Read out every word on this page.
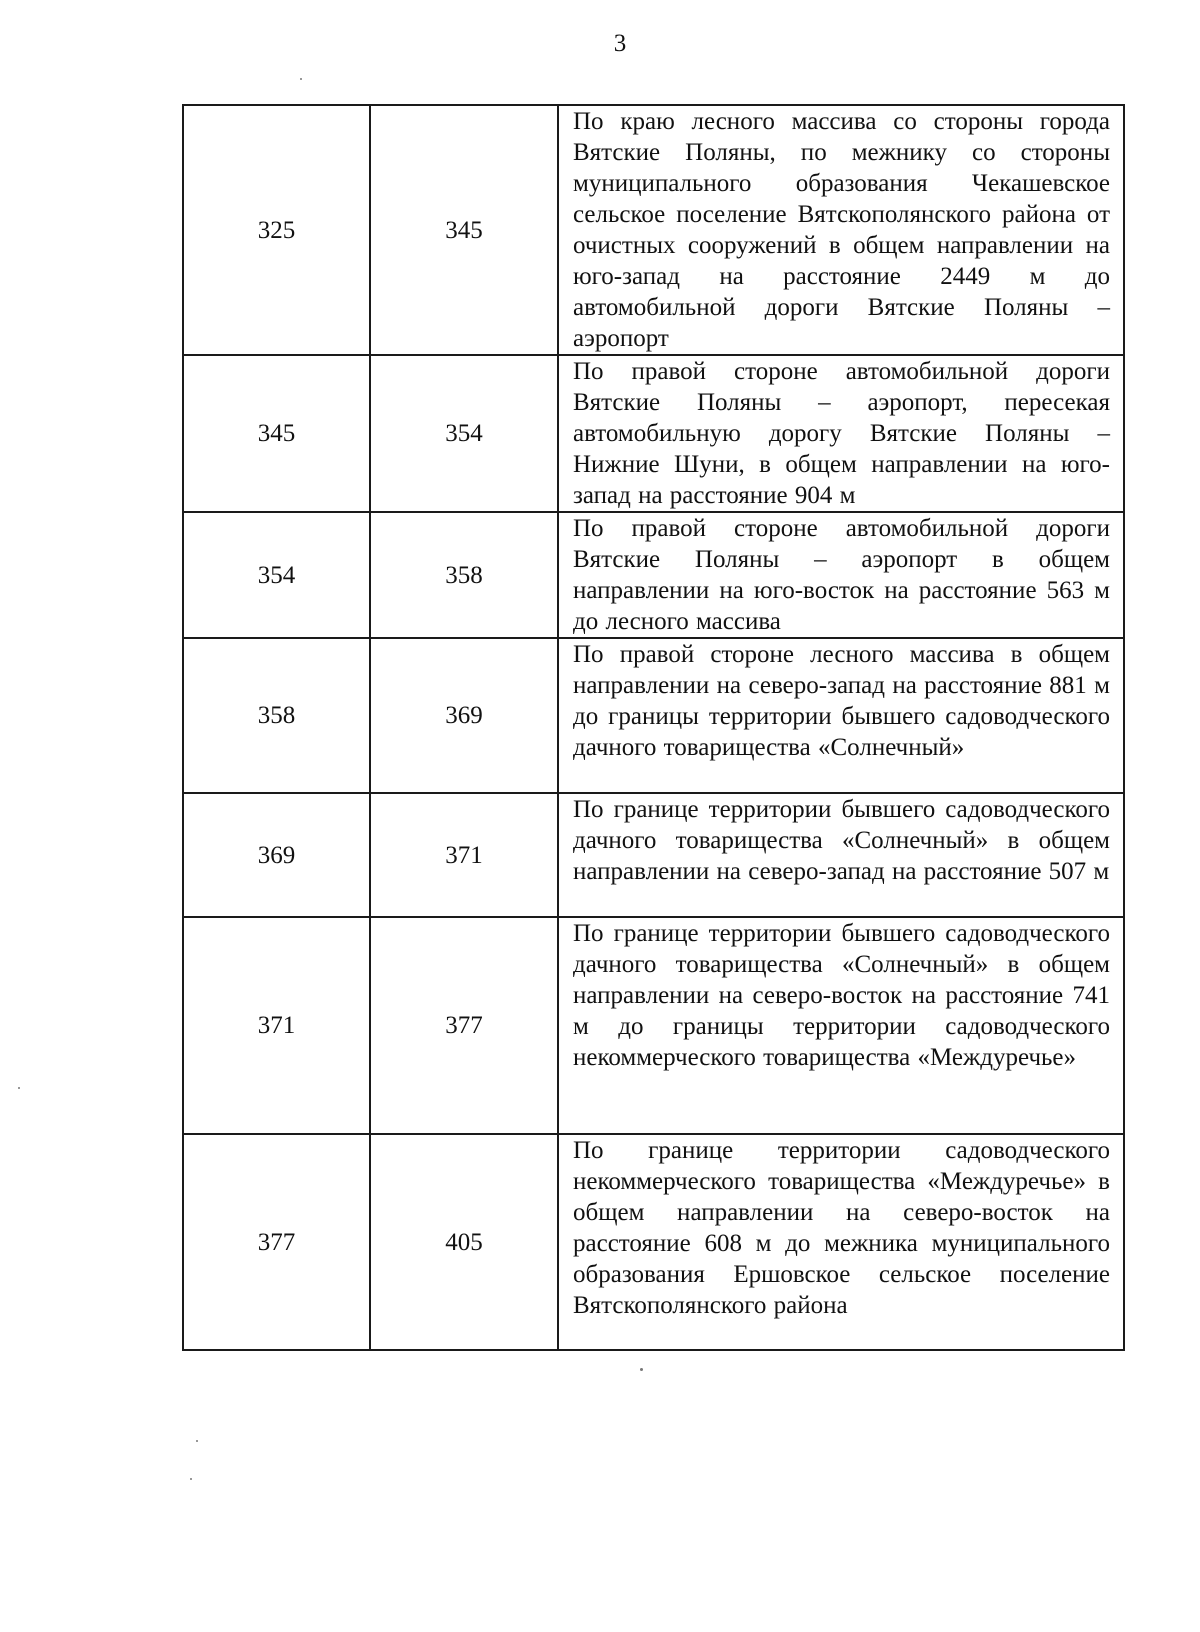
3
325	345	По краю лесного массива со стороны города Вятские Поляны, по межнику со стороны муниципального образования Чекашевское сельское поселение Вятскополянского района от очистных сооружений в общем направлении на юго-запад на расстояние 2449 м до автомобильной дороги Вятские Поляны – аэропорт
345	354	По правой стороне автомобильной дороги Вятские Поляны – аэропорт, пересекая автомобильную дорогу Вятские Поляны – Нижние Шуни, в общем направлении на юго-запад на расстояние 904 м
354	358	По правой стороне автомобильной дороги Вятские Поляны – аэропорт в общем направлении на юго-восток на расстояние 563 м до лесного массива
358	369	По правой стороне лесного массива в общем направлении на северо-запад на расстояние 881 м до границы территории бывшего садоводческого дачного товарищества «Солнечный»
369	371	По границе территории бывшего садоводческого дачного товарищества «Солнечный» в общем направлении на северо-запад на расстояние 507 м
371	377	По границе территории бывшего садоводческого дачного товарищества «Солнечный» в общем направлении на северо-восток на расстояние 741 м до границы территории садоводческого некоммерческого товарищества «Междуречье»
377	405	По границе территории садоводческого некоммерческого товарищества «Междуречье» в общем направлении на северо-восток на расстояние 608 м до межника муниципального образования Ершовское сельское поселение Вятскополянского района
